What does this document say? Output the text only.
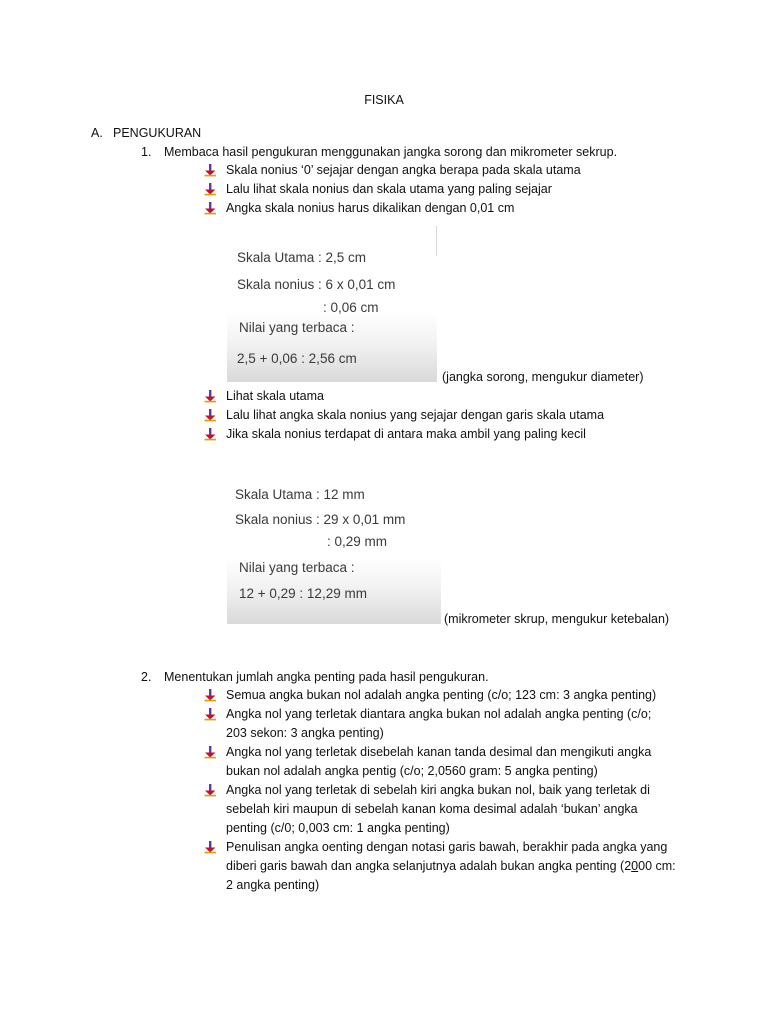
FISIKA
A. PENGUKURAN
1. Membaca hasil pengukuran menggunakan jangka sorong dan mikrometer sekrup.
Skala nonius ‘0’ sejajar dengan angka berapa pada skala utama
Lalu lihat skala nonius dan skala utama yang paling sejajar
Angka skala nonius harus dikalikan dengan 0,01 cm
Skala Utama : 2,5 cm
Skala nonius : 6 x 0,01 cm
: 0,06 cm
Nilai yang terbaca :
2,5 + 0,06 : 2,56 cm
(jangka sorong, mengukur diameter)
Lihat skala utama
Lalu lihat angka skala nonius yang sejajar dengan garis skala utama
Jika skala nonius terdapat di antara maka ambil yang paling kecil
Skala Utama : 12 mm
Skala nonius : 29 x 0,01 mm
: 0,29 mm
Nilai yang terbaca :
12 + 0,29 : 12,29 mm
(mikrometer skrup, mengukur ketebalan)
2. Menentukan jumlah angka penting pada hasil pengukuran.
Semua angka bukan nol adalah angka penting (c/o; 123 cm: 3 angka penting)
Angka nol yang terletak diantara angka bukan nol adalah angka penting (c/o;
203 sekon: 3 angka penting)
Angka nol yang terletak disebelah kanan tanda desimal dan mengikuti angka
bukan nol adalah angka pentig (c/o; 2,0560 gram: 5 angka penting)
Angka nol yang terletak di sebelah kiri angka bukan nol, baik yang terletak di
sebelah kiri maupun di sebelah kanan koma desimal adalah ‘bukan’ angka
penting (c/0; 0,003 cm: 1 angka penting)
Penulisan angka oenting dengan notasi garis bawah, berakhir pada angka yang
diberi garis bawah dan angka selanjutnya adalah bukan angka penting (2000 cm:
2 angka penting)
